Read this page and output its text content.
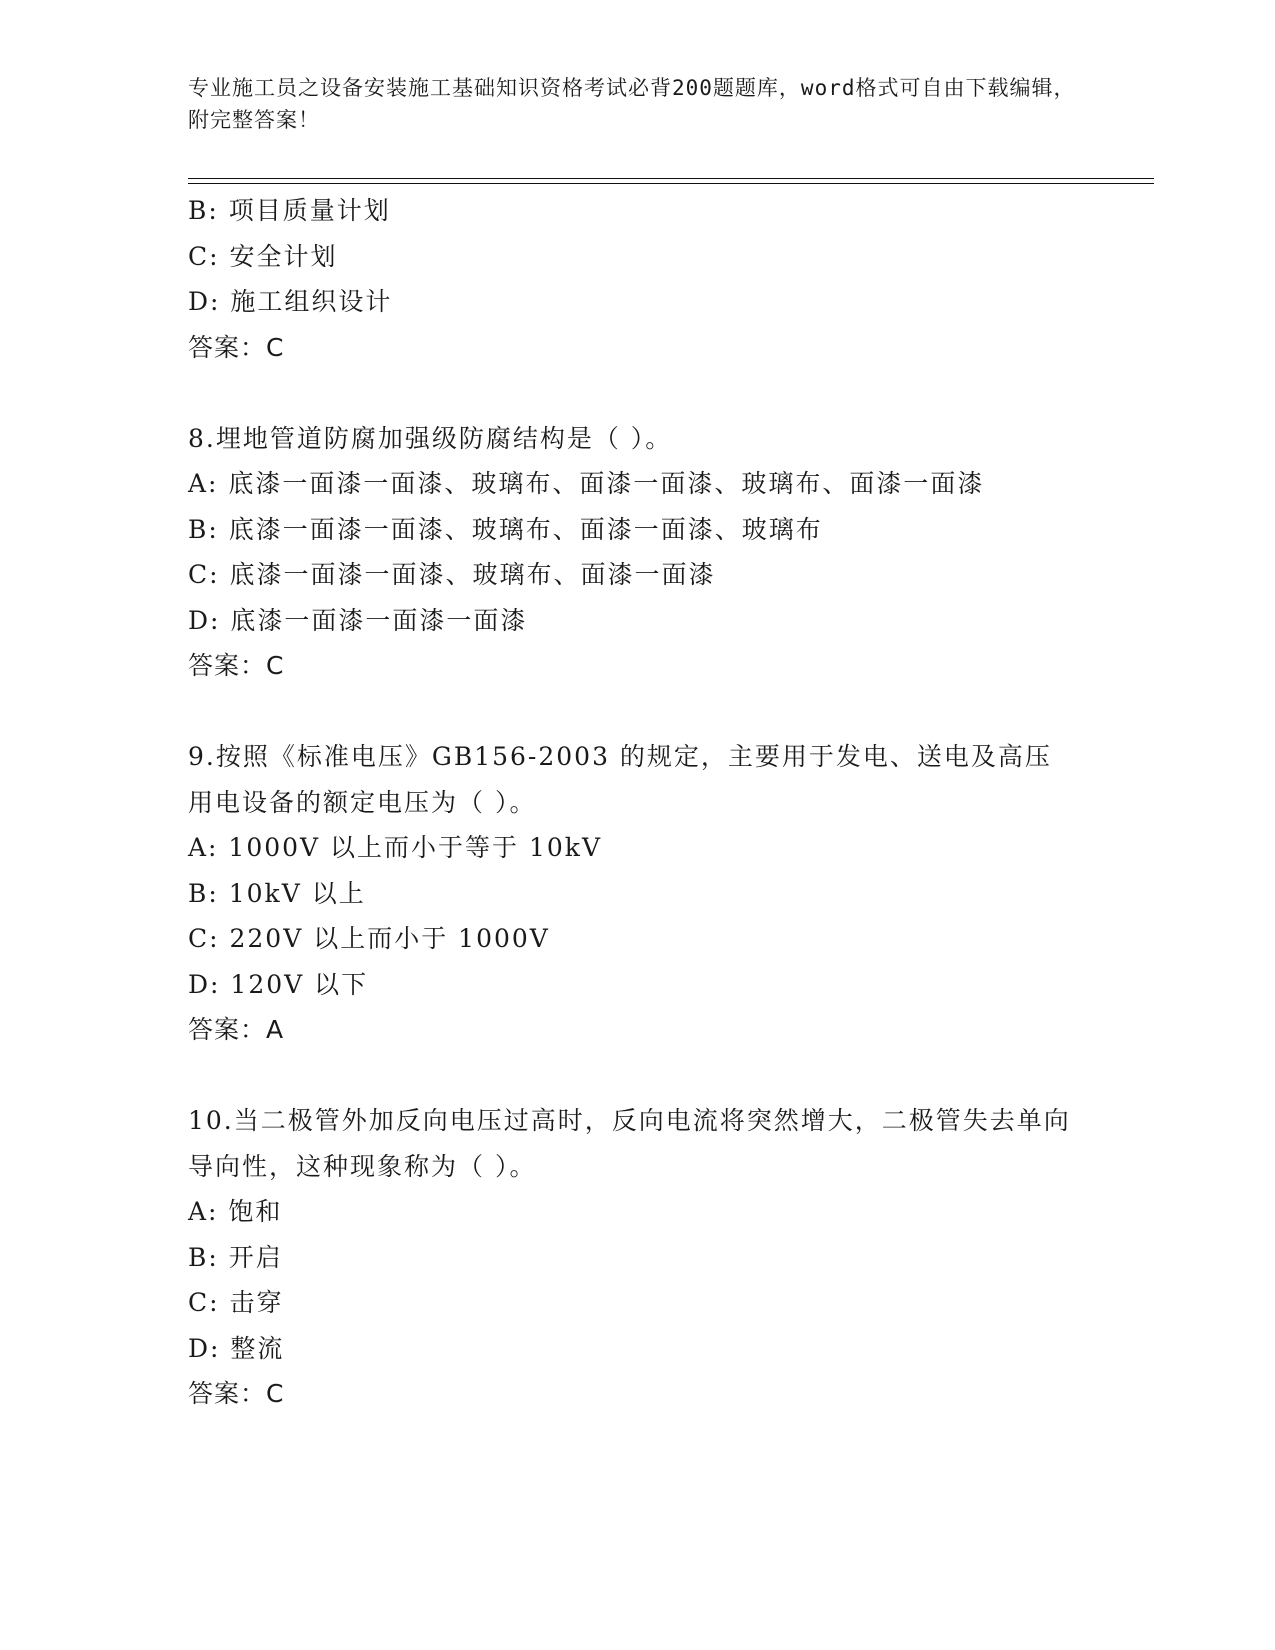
专业施工员之设备安装施工基础知识资格考试必背200题题库，word格式可自由下载编辑，附完整答案！
B: 项目质量计划
C: 安全计划
D: 施工组织设计
答案：C
8.埋地管道防腐加强级防腐结构是（ ）。
A: 底漆一面漆一面漆、玻璃布、面漆一面漆、玻璃布、面漆一面漆
B: 底漆一面漆一面漆、玻璃布、面漆一面漆、玻璃布
C: 底漆一面漆一面漆、玻璃布、面漆一面漆
D: 底漆一面漆一面漆一面漆
答案：C
9.按照《标准电压》GB156-2003 的规定，主要用于发电、送电及高压用电设备的额定电压为（ ）。
A: 1000V 以上而小于等于 10kV
B: 10kV 以上
C: 220V 以上而小于 1000V
D: 120V 以下
答案：A
10.当二极管外加反向电压过高时，反向电流将突然增大，二极管失去单向导向性，这种现象称为（ ）。
A: 饱和
B: 开启
C: 击穿
D: 整流
答案：C
